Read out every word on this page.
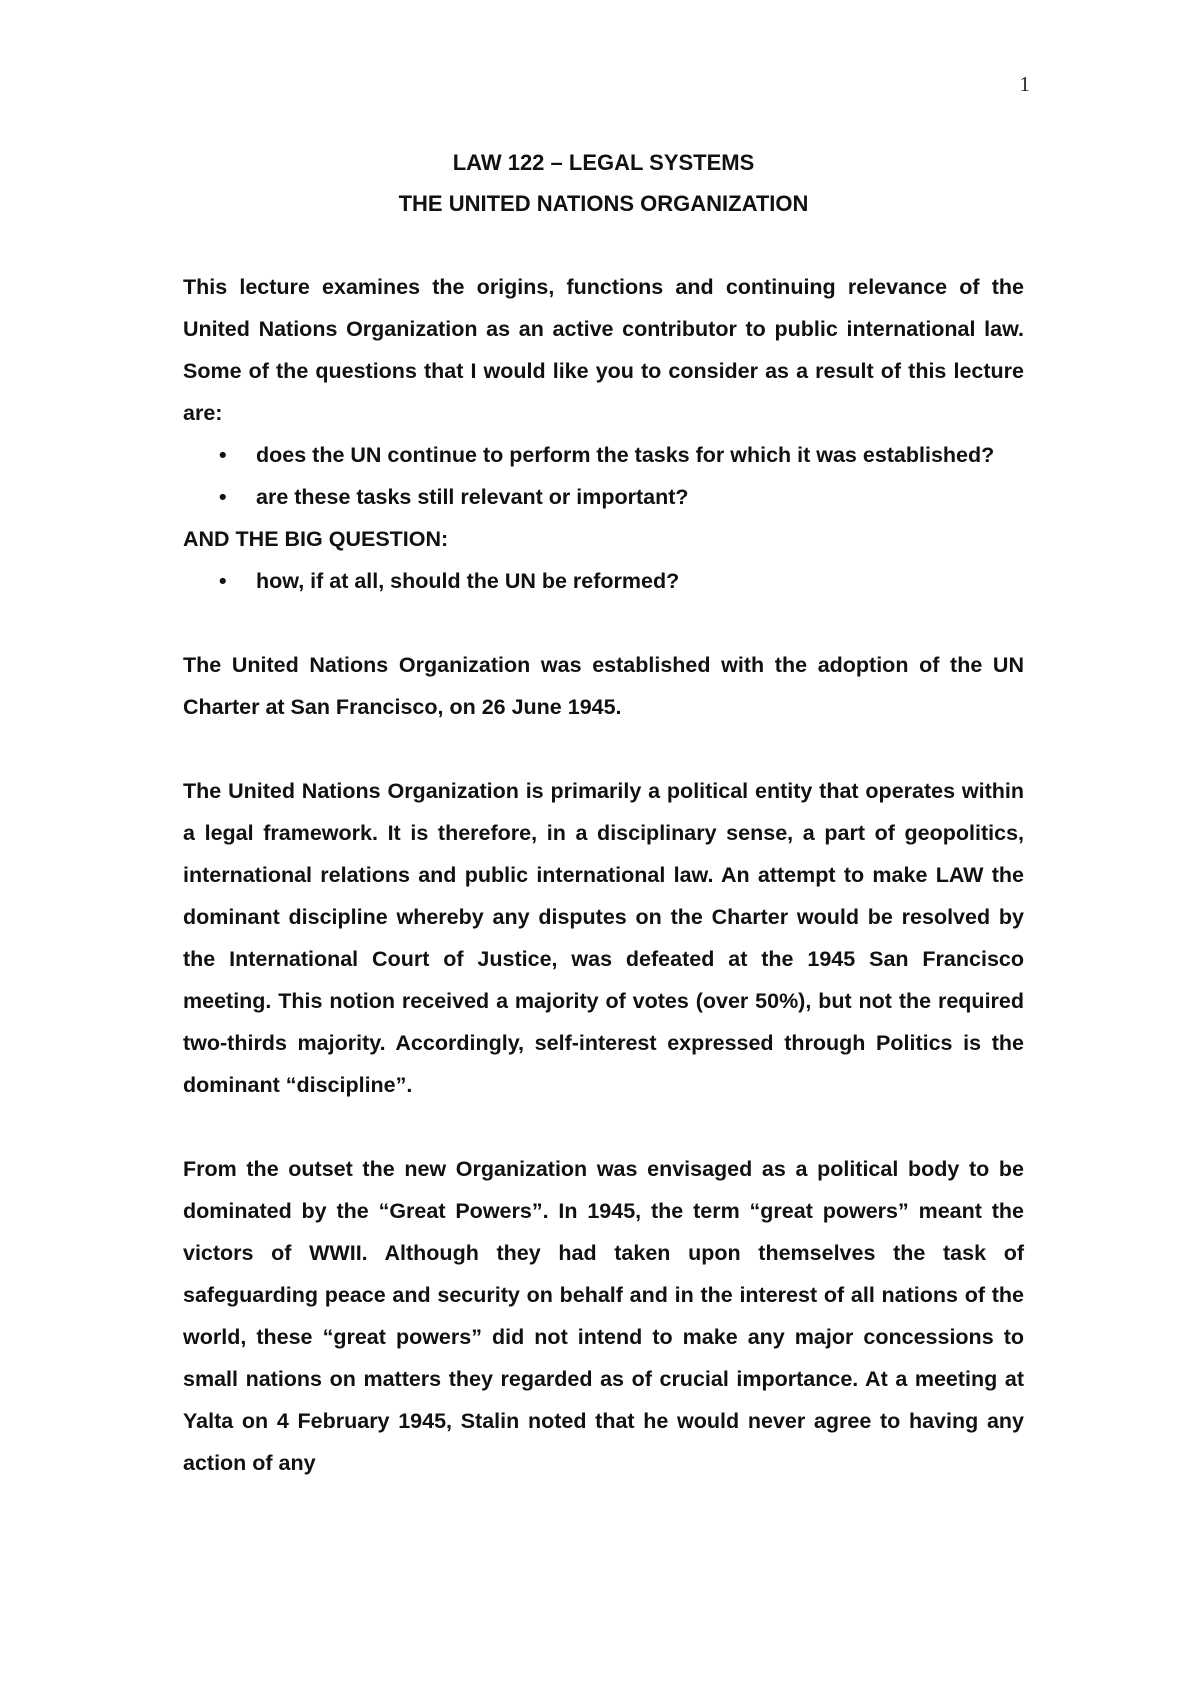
1

LAW 122 – LEGAL SYSTEMS

THE UNITED NATIONS ORGANIZATION

This lecture examines the origins, functions and continuing relevance of the United Nations Organization as an active contributor to public international law. Some of the questions that I would like you to consider as a result of this lecture are:

•	does the UN continue to perform the tasks for which it was established?
•	are these tasks still relevant or important?

AND THE BIG QUESTION:

•	how, if at all, should the UN be reformed?

The United Nations Organization was established with the adoption of the UN Charter at San Francisco, on 26 June 1945.

The United Nations Organization is primarily a political entity that operates within a legal framework. It is therefore, in a disciplinary sense, a part of geopolitics, international relations and public international law. An attempt to make LAW the dominant discipline whereby any disputes on the Charter would be resolved by the International Court of Justice, was defeated at the 1945 San Francisco meeting. This notion received a majority of votes (over 50%), but not the required two-thirds majority. Accordingly, self-interest expressed through Politics is the dominant “discipline”.

From the outset the new Organization was envisaged as a political body to be dominated by the “Great Powers”. In 1945, the term “great powers” meant the victors of WWII. Although they had taken upon themselves the task of safeguarding peace and security on behalf and in the interest of all nations of the world, these “great powers” did not intend to make any major concessions to small nations on matters they regarded as of crucial importance. At a meeting at Yalta on 4 February 1945, Stalin noted that he would never agree to having any action of any
